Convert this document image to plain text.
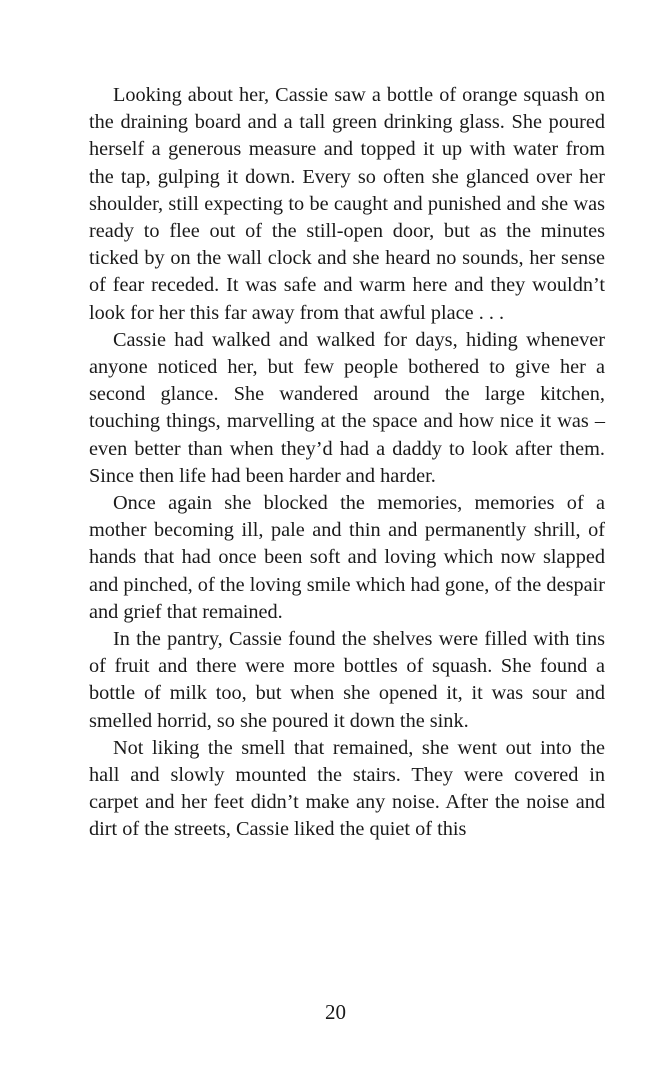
Looking about her, Cassie saw a bottle of orange squash on the draining board and a tall green drinking glass. She poured herself a generous measure and topped it up with water from the tap, gulping it down. Every so often she glanced over her shoulder, still expecting to be caught and punished and she was ready to flee out of the still-open door, but as the minutes ticked by on the wall clock and she heard no sounds, her sense of fear receded. It was safe and warm here and they wouldn’t look for her this far away from that awful place . . .

Cassie had walked and walked for days, hiding whenever anyone noticed her, but few people bothered to give her a second glance. She wandered around the large kitchen, touching things, marvelling at the space and how nice it was – even better than when they’d had a daddy to look after them. Since then life had been harder and harder.

Once again she blocked the memories, memories of a mother becoming ill, pale and thin and permanently shrill, of hands that had once been soft and loving which now slapped and pinched, of the loving smile which had gone, of the despair and grief that remained.

In the pantry, Cassie found the shelves were filled with tins of fruit and there were more bottles of squash. She found a bottle of milk too, but when she opened it, it was sour and smelled horrid, so she poured it down the sink.

Not liking the smell that remained, she went out into the hall and slowly mounted the stairs. They were covered in carpet and her feet didn’t make any noise. After the noise and dirt of the streets, Cassie liked the quiet of this

20
